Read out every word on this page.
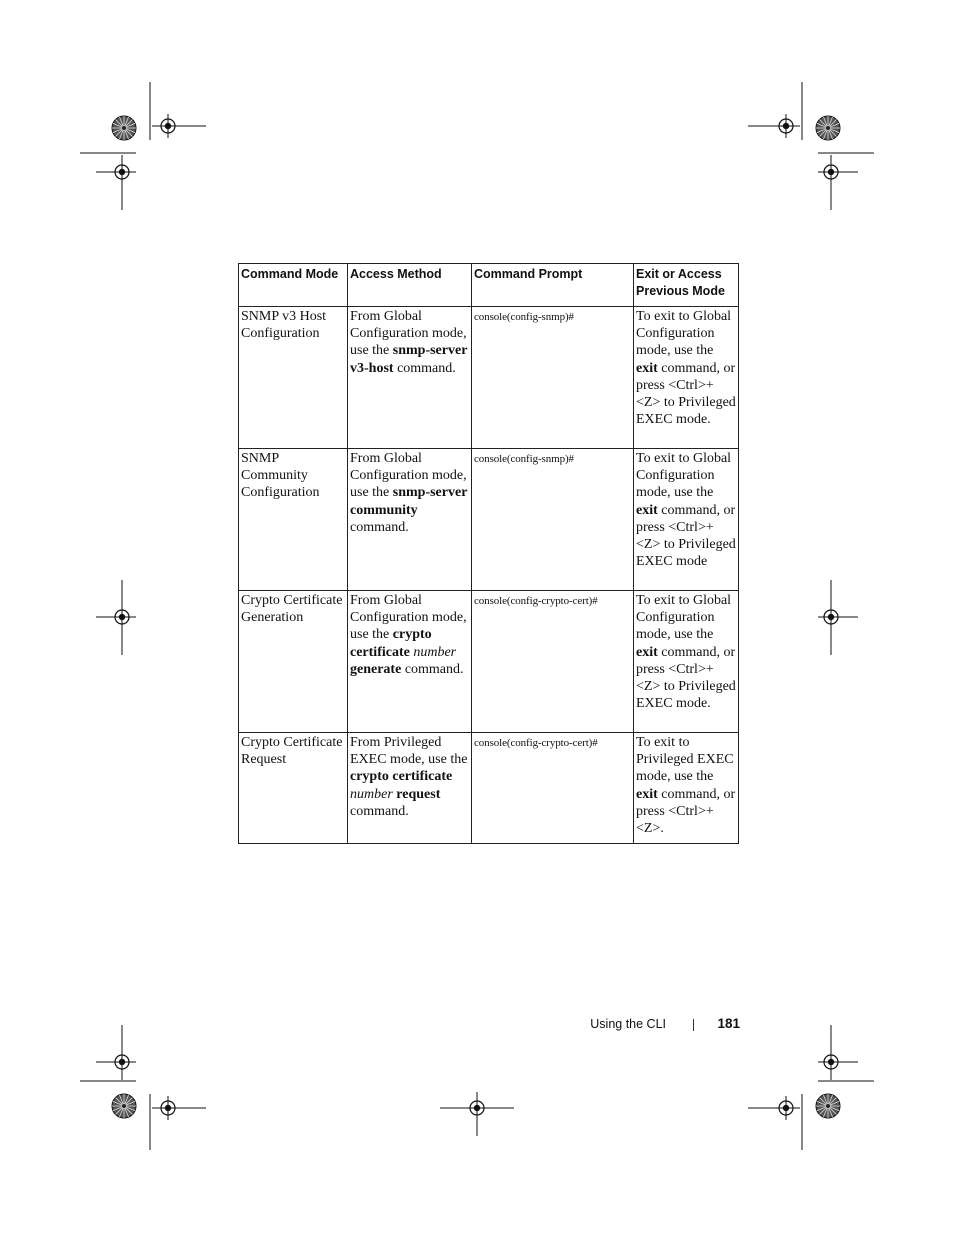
Command Mode	Access Method	Command Prompt	Exit or Access Previous Mode
SNMP v3 Host Configuration	From Global Configuration mode, use the snmp-server v3-host command.	console(config-snmp)#	To exit to Global Configuration mode, use the exit command, or press <Ctrl>+<Z> to Privileged EXEC mode.
SNMP Community Configuration	From Global Configuration mode, use the snmp-server community command.	console(config-snmp)#	To exit to Global Configuration mode, use the exit command, or press <Ctrl>+<Z> to Privileged EXEC mode
Crypto Certificate Generation	From Global Configuration mode, use the crypto certificate number generate command.	console(config-crypto-cert)#	To exit to Global Configuration mode, use the exit command, or press <Ctrl>+<Z> to Privileged EXEC mode.
Crypto Certificate Request	From Privileged EXEC mode, use the crypto certificate number request command.	console(config-crypto-cert)#	To exit to Privileged EXEC mode, use the exit command, or press <Ctrl>+<Z>.
Using the CLI	181
